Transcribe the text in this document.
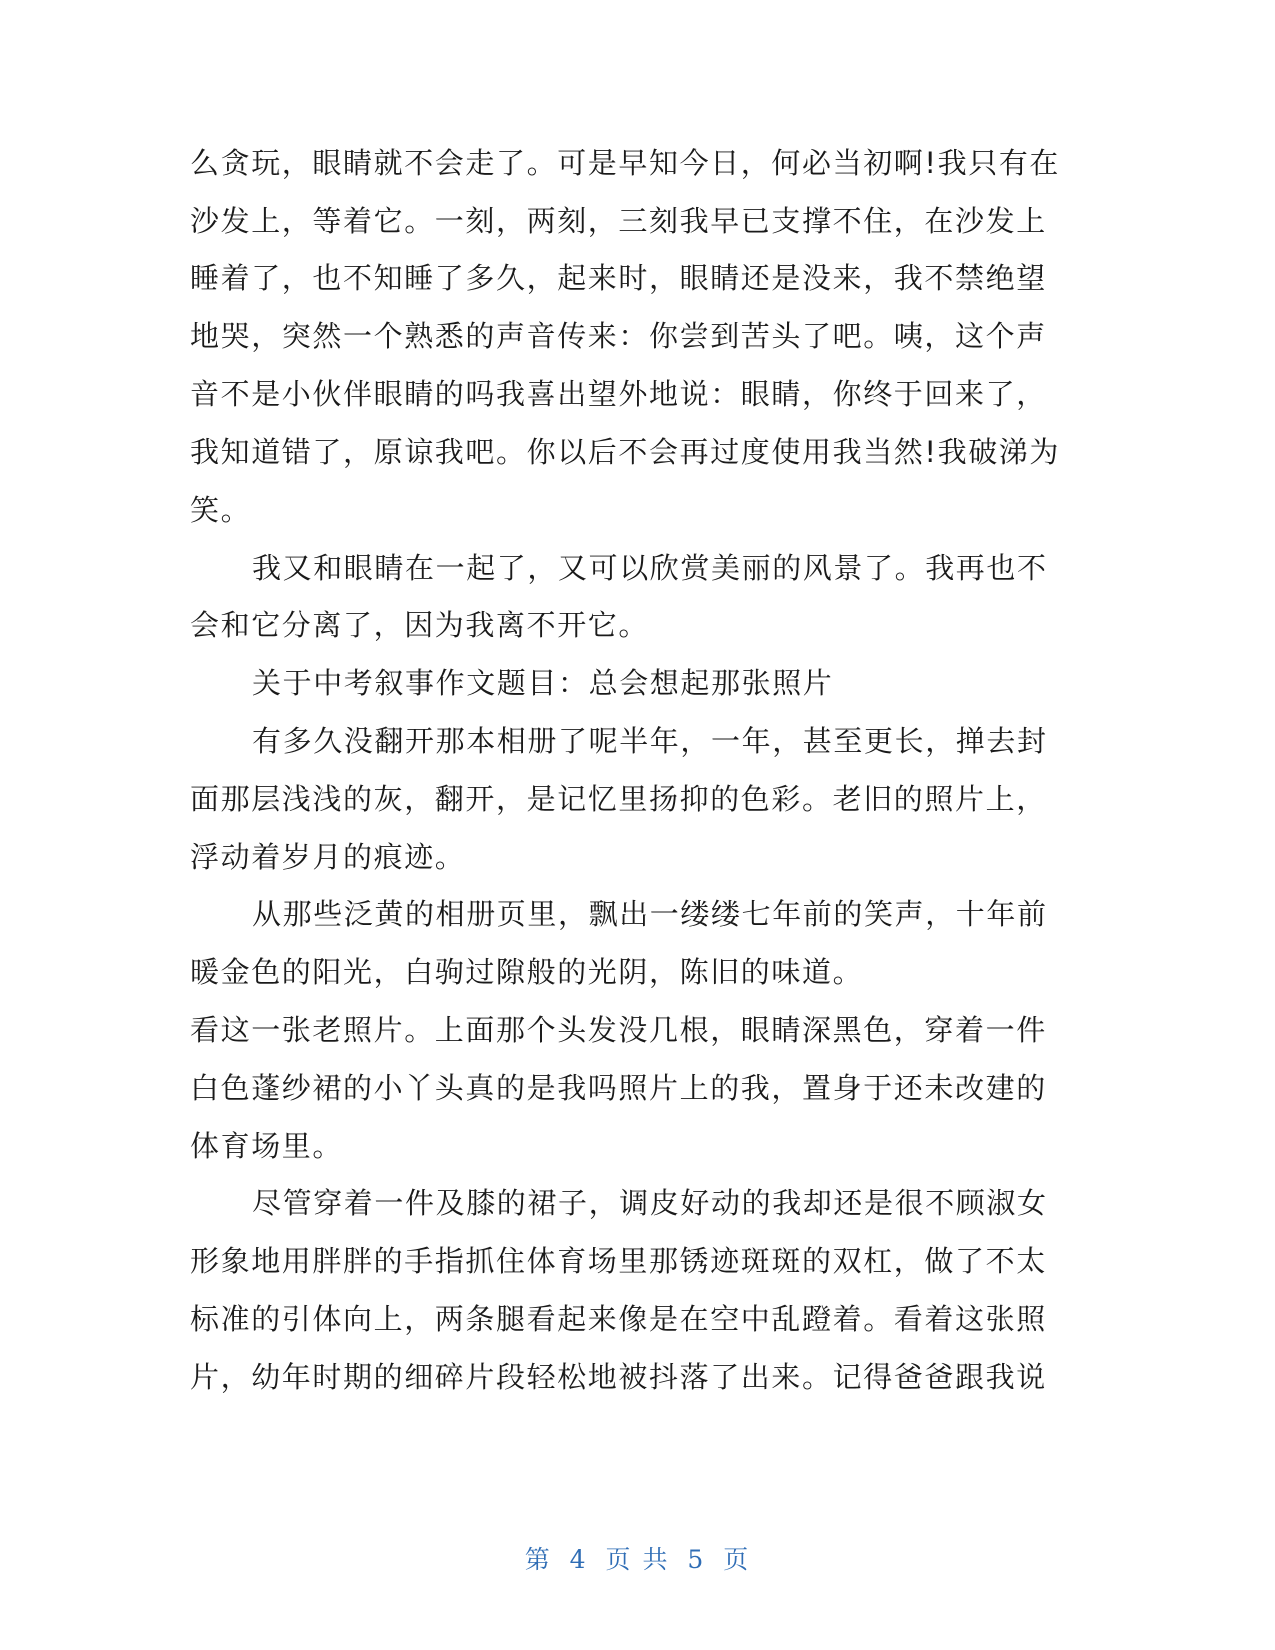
么贪玩，眼睛就不会走了。可是早知今日，何必当初啊!我只有在
沙发上，等着它。一刻，两刻，三刻我早已支撑不住，在沙发上
睡着了，也不知睡了多久，起来时，眼睛还是没来，我不禁绝望
地哭，突然一个熟悉的声音传来：你尝到苦头了吧。咦，这个声
音不是小伙伴眼睛的吗我喜出望外地说：眼睛，你终于回来了，
我知道错了，原谅我吧。你以后不会再过度使用我当然!我破涕为
笑。
我又和眼睛在一起了，又可以欣赏美丽的风景了。我再也不
会和它分离了，因为我离不开它。
关于中考叙事作文题目：总会想起那张照片
有多久没翻开那本相册了呢半年，一年，甚至更长，掸去封
面那层浅浅的灰，翻开，是记忆里扬抑的色彩。老旧的照片上，
浮动着岁月的痕迹。
从那些泛黄的相册页里，飘出一缕缕七年前的笑声，十年前
暖金色的阳光，白驹过隙般的光阴，陈旧的味道。
看这一张老照片。上面那个头发没几根，眼睛深黑色，穿着一件
白色蓬纱裙的小丫头真的是我吗照片上的我，置身于还未改建的
体育场里。
尽管穿着一件及膝的裙子，调皮好动的我却还是很不顾淑女
形象地用胖胖的手指抓住体育场里那锈迹斑斑的双杠，做了不太
标准的引体向上，两条腿看起来像是在空中乱蹬着。看着这张照
片，幼年时期的细碎片段轻松地被抖落了出来。记得爸爸跟我说
第 4 页 共 5 页
